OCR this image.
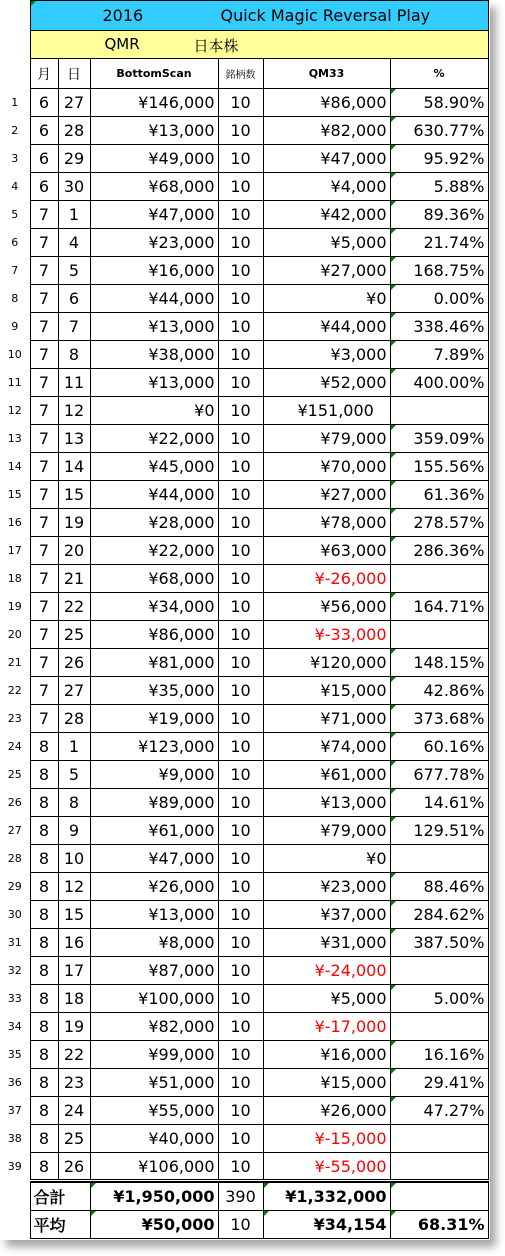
	2016 Quick Magic Reversal Play					

	QMR 日本株					

	月	日	BottomScan	銘柄数	QM33	%
1	6	27	¥146,000	10	¥86,000	58.90%
2	6	28	¥13,000	10	¥82,000	630.77%
3	6	29	¥49,000	10	¥47,000	95.92%
4	6	30	¥68,000	10	¥4,000	5.88%
5	7	1	¥47,000	10	¥42,000	89.36%
6	7	4	¥23,000	10	¥5,000	21.74%
7	7	5	¥16,000	10	¥27,000	168.75%
8	7	6	¥44,000	10	¥0	0.00%
9	7	7	¥13,000	10	¥44,000	338.46%
10	7	8	¥38,000	10	¥3,000	7.89%
11	7	11	¥13,000	10	¥52,000	400.00%
12	7	12	¥0	10	¥151,000	
13	7	13	¥22,000	10	¥79,000	359.09%
14	7	14	¥45,000	10	¥70,000	155.56%
15	7	15	¥44,000	10	¥27,000	61.36%
16	7	19	¥28,000	10	¥78,000	278.57%
17	7	20	¥22,000	10	¥63,000	286.36%
18	7	21	¥68,000	10	¥-26,000	
19	7	22	¥34,000	10	¥56,000	164.71%
20	7	25	¥86,000	10	¥-33,000	
21	7	26	¥81,000	10	¥120,000	148.15%
22	7	27	¥35,000	10	¥15,000	42.86%
23	7	28	¥19,000	10	¥71,000	373.68%
24	8	1	¥123,000	10	¥74,000	60.16%
25	8	5	¥9,000	10	¥61,000	677.78%
26	8	8	¥89,000	10	¥13,000	14.61%
27	8	9	¥61,000	10	¥79,000	129.51%
28	8	10	¥47,000	10	¥0	
29	8	12	¥26,000	10	¥23,000	88.46%
30	8	15	¥13,000	10	¥37,000	284.62%
31	8	16	¥8,000	10	¥31,000	387.50%
32	8	17	¥87,000	10	¥-24,000	
33	8	18	¥100,000	10	¥5,000	5.00%
34	8	19	¥82,000	10	¥-17,000	
35	8	22	¥99,000	10	¥16,000	16.16%
36	8	23	¥51,000	10	¥15,000	29.41%
37	8	24	¥55,000	10	¥26,000	47.27%
38	8	25	¥40,000	10	¥-15,000	
39	8	26	¥106,000	10	¥-55,000	

	合計		¥1,950,000	390	¥1,332,000	
	平均		¥50,000	10	¥34,154	68.31%
